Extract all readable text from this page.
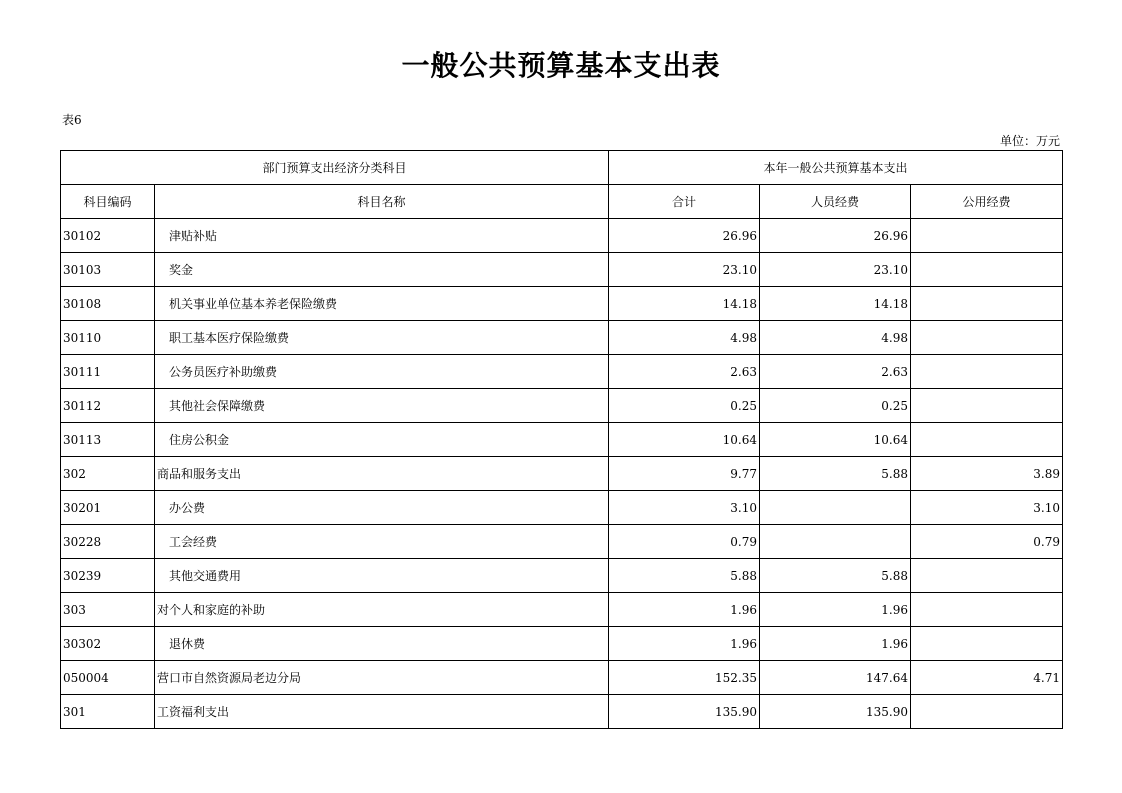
一般公共预算基本支出表
表6
单位：万元
部门预算支出经济分类科目		本年一般公共预算基本支出		
科目编码	科目名称	合计	人员经费	公用经费
30102	津贴补贴	26.96	26.96	
30103	奖金	23.10	23.10	
30108	机关事业单位基本养老保险缴费	14.18	14.18	
30110	职工基本医疗保险缴费	4.98	4.98	
30111	公务员医疗补助缴费	2.63	2.63	
30112	其他社会保障缴费	0.25	0.25	
30113	住房公积金	10.64	10.64	
302	商品和服务支出	9.77	5.88	3.89
30201	办公费	3.10		3.10
30228	工会经费	0.79		0.79
30239	其他交通费用	5.88	5.88	
303	对个人和家庭的补助	1.96	1.96	
30302	退休费	1.96	1.96	
050004	营口市自然资源局老边分局	152.35	147.64	4.71
301	工资福利支出	135.90	135.90	
